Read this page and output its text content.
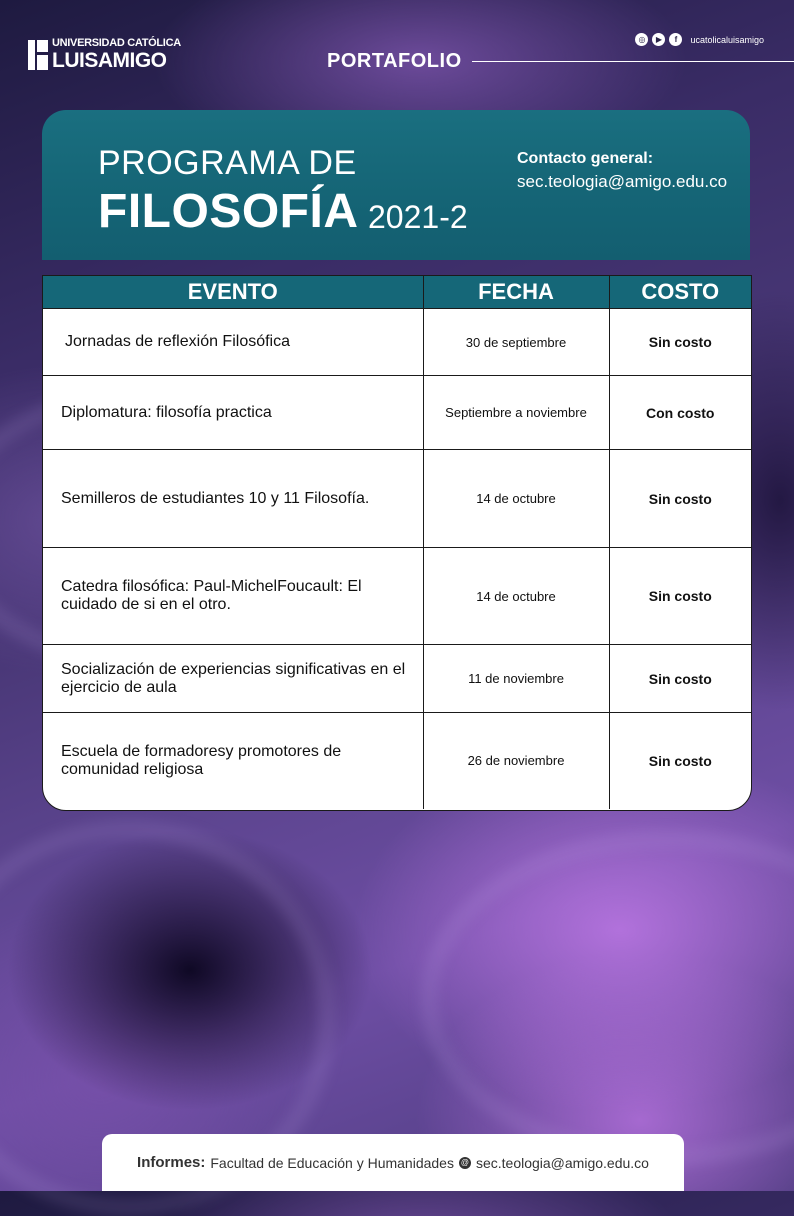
UNIVERSIDAD CATÓLICA
LUISAMIGO
◎	▶	f	ucatolicaluisamigo
PORTAFOLIO
PROGRAMA DE
FILOSOFÍA 2021-2
Contacto general:
sec.teologia@amigo.edu.co
EVENTO	FECHA	COSTO
Jornadas de reflexión Filosófica	30 de septiembre	Sin costo
Diplomatura: filosofía practica	Septiembre a noviembre	Con costo
Semilleros de estudiantes 10 y 11 Filosofía.	14 de octubre	Sin costo
Catedra filosófica: Paul-MichelFoucault: El cuidado de si en el otro.	14 de octubre	Sin costo
Socialización de experiencias significativas en el ejercicio de aula	11 de noviembre	Sin costo
Escuela de formadoresy promotores de comunidad religiosa	26 de noviembre	Sin costo
Informes: Facultad de Educación y Humanidades @ sec.teologia@amigo.edu.co
